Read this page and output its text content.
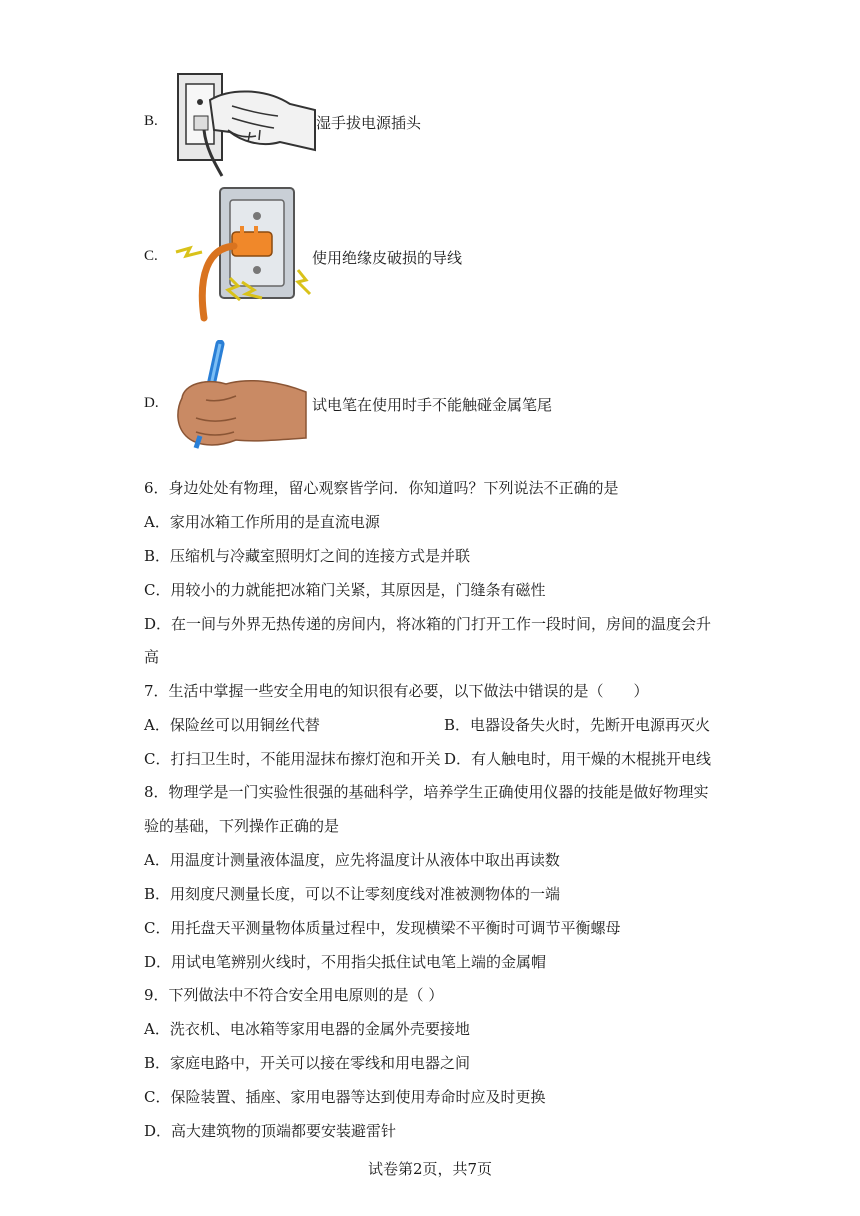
B.	湿手拔电源插头
C.	使用绝缘皮破损的导线
D.	试电笔在使用时手不能触碰金属笔尾
6．身边处处有物理，留心观察皆学问．你知道吗？下列说法不正确的是
A．家用冰箱工作所用的是直流电源
B．压缩机与冷藏室照明灯之间的连接方式是并联
C．用较小的力就能把冰箱门关紧，其原因是，门缝条有磁性
D．在一间与外界无热传递的房间内，将冰箱的门打开工作一段时间，房间的温度会升
高
7．生活中掌握一些安全用电的知识很有必要，以下做法中错误的是（　　）
A．保险丝可以用铜丝代替	B．电器设备失火时，先断开电源再灭火
C．打扫卫生时，不能用湿抹布擦灯泡和开关 D．有人触电时，用干燥的木棍挑开电线
8．物理学是一门实验性很强的基础科学，培养学生正确使用仪器的技能是做好物理实
验的基础，下列操作正确的是
A．用温度计测量液体温度，应先将温度计从液体中取出再读数
B．用刻度尺测量长度，可以不让零刻度线对准被测物体的一端
C．用托盘天平测量物体质量过程中，发现横梁不平衡时可调节平衡螺母
D．用试电笔辨别火线时，不用指尖抵住试电笔上端的金属帽
9．下列做法中不符合安全用电原则的是（ ）
A．洗衣机、电冰箱等家用电器的金属外壳要接地
B．家庭电路中，开关可以接在零线和用电器之间
C．保险装置、插座、家用电器等达到使用寿命时应及时更换
D．高大建筑物的顶端都要安装避雷针
试卷第2页，共7页
